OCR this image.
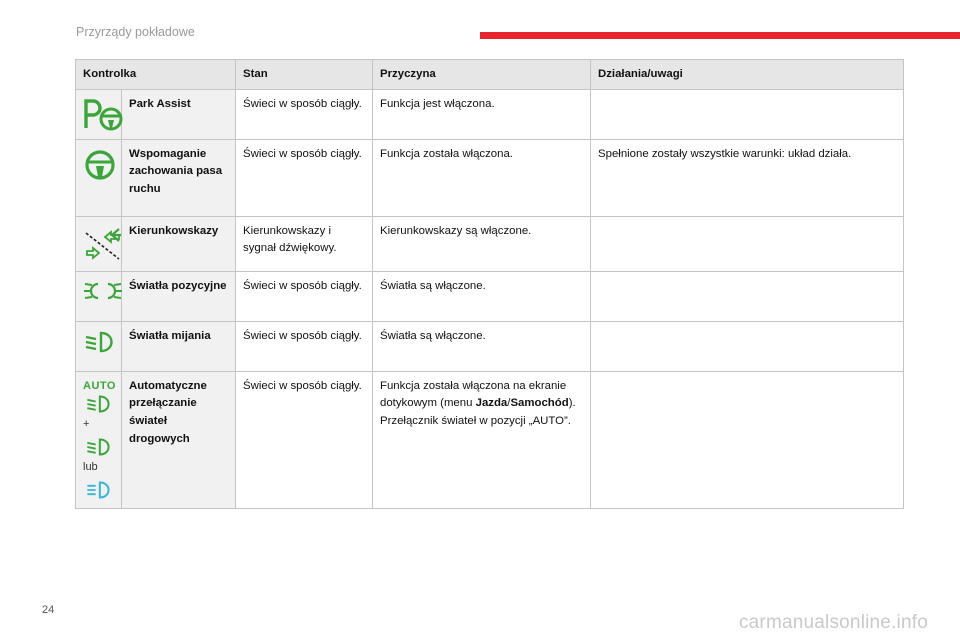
Przyrządy pokładowe
Kontrolka		Stan	Przyczyna	Działania/uwagi

	Park Assist	Świeci w sposób ciągły.	Funkcja jest włączona.	

	Wspomaganie zachowania pasa ruchu	Świeci w sposób ciągły.	Funkcja została włączona.	Spełnione zostały wszystkie warunki: układ działa.

	Kierunkowskazy	Kierunkowskazy i sygnał dźwiękowy.	Kierunkowskazy są włączone.	

	Światła pozycyjne	Świeci w sposób ciągły.	Światła są włączone.	

	Światła mijania	Świeci w sposób ciągły.	Światła są włączone.	

AUTO
+
lub	Automatyczne przełączanie świateł drogowych	Świeci w sposób ciągły.	Funkcja została włączona na ekranie dotykowym (menu Jazda/Samochód).
Przełącznik świateł w pozycji „AUTO”.	
24
carmanualsonline.info
